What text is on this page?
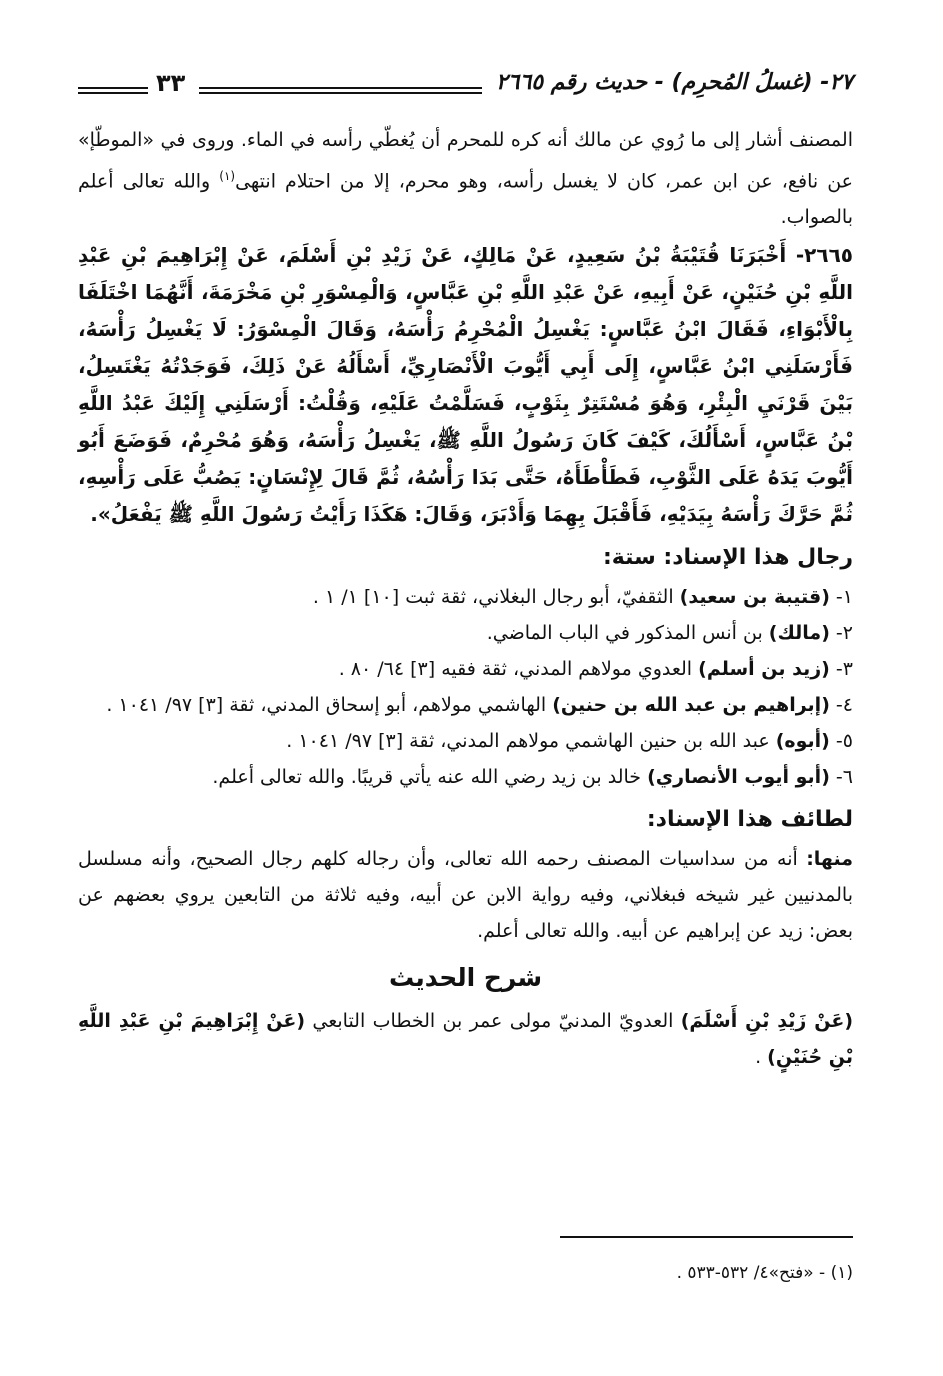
٢٧- (غسلُ المُحرِم) - حديث رقم ٢٦٦٥
٣٣

المصنف أشار إلى ما رُوي عن مالك أنه كره للمحرم أن يُغطّي رأسه في الماء. وروى في «الموطّإ» عن نافع، عن ابن عمر، كان لا يغسل رأسه، وهو محرم، إلا من احتلام انتهى$^{(١)}$ والله تعالى أعلم بالصواب.

٢٦٦٥- أَخْبَرَنَا قُتَيْبَةُ بْنُ سَعِيدٍ، عَنْ مَالِكٍ، عَنْ زَيْدِ بْنِ أَسْلَمَ، عَنْ إِبْرَاهِيمَ بْنِ عَبْدِ اللَّهِ بْنِ حُنَيْنٍ، عَنْ أَبِيهِ، عَنْ عَبْدِ اللَّهِ بْنِ عَبَّاسٍ، وَالْمِسْوَرِ بْنِ مَخْرَمَةَ، أَنَّهُمَا اخْتَلَفَا بِالْأَبْوَاءِ، فَقَالَ ابْنُ عَبَّاسٍ: يَغْسِلُ الْمُحْرِمُ رَأْسَهُ، وَقَالَ الْمِسْوَرُ: لَا يَغْسِلُ رَأْسَهُ، فَأَرْسَلَنِي ابْنُ عَبَّاسٍ، إِلَى أَبِي أَيُّوبَ الْأَنْصَارِيِّ، أَسْأَلُهُ عَنْ ذَلِكَ، فَوَجَدْتُهُ يَغْتَسِلُ، بَيْنَ قَرْنَيِ الْبِئْرِ، وَهُوَ مُسْتَتِرٌ بِثَوْبٍ، فَسَلَّمْتُ عَلَيْهِ، وَقُلْتُ: أَرْسَلَنِي إِلَيْكَ عَبْدُ اللَّهِ بْنُ عَبَّاسٍ، أَسْأَلُكَ، كَيْفَ كَانَ رَسُولُ اللَّهِ ﷺ، يَغْسِلُ رَأْسَهُ، وَهُوَ مُحْرِمٌ، فَوَضَعَ أَبُو أَيُّوبَ يَدَهُ عَلَى الثَّوْبِ، فَطَأْطَأَهُ، حَتَّى بَدَا رَأْسُهُ، ثُمَّ قَالَ لِإِنْسَانٍ: يَصُبُّ عَلَى رَأْسِهِ، ثُمَّ حَرَّكَ رَأْسَهُ بِيَدَيْهِ، فَأَقْبَلَ بِهِمَا وَأَدْبَرَ، وَقَالَ: هَكَذَا رَأَيْتُ رَسُولَ اللَّهِ ﷺ يَفْعَلُ».

رجال هذا الإسناد: ستة:

١- (قتيبة بن سعيد) الثقفيّ، أبو رجال البغلاني، ثقة ثبت [١٠] ١/ ١ .

٢- (مالك) بن أنس المذكور في الباب الماضي.

٣- (زيد بن أسلم) العدوي مولاهم المدني، ثقة فقيه [٣] ٦٤/ ٨٠ .

٤- (إبراهيم بن عبد الله بن حنين) الهاشمي مولاهم، أبو إسحاق المدني، ثقة [٣] ٩٧/ ١٠٤١ .

٥- (أبوه) عبد الله بن حنين الهاشمي مولاهم المدني، ثقة [٣] ٩٧/ ١٠٤١ .

٦- (أبو أيوب الأنصاري) خالد بن زيد رضي الله عنه يأتي قريبًا. والله تعالى أعلم.

لطائف هذا الإسناد:

منها: أنه من سداسيات المصنف رحمه الله تعالى، وأن رجاله كلهم رجال الصحيح، وأنه مسلسل بالمدنيين غير شيخه فبغلاني، وفيه رواية الابن عن أبيه، وفيه ثلاثة من التابعين يروي بعضهم عن بعض: زيد عن إبراهيم عن أبيه. والله تعالى أعلم.

شرح الحديث

(عَنْ زَيْدِ بْنِ أَسْلَمَ) العدويّ المدنيّ مولى عمر بن الخطاب التابعي (عَنْ إِبْرَاهِيمَ بْنِ عَبْدِ اللَّهِ بْنِ حُنَيْنٍ) .

(١) - «فتح»٤/ ٥٣٢-٥٣٣ .
